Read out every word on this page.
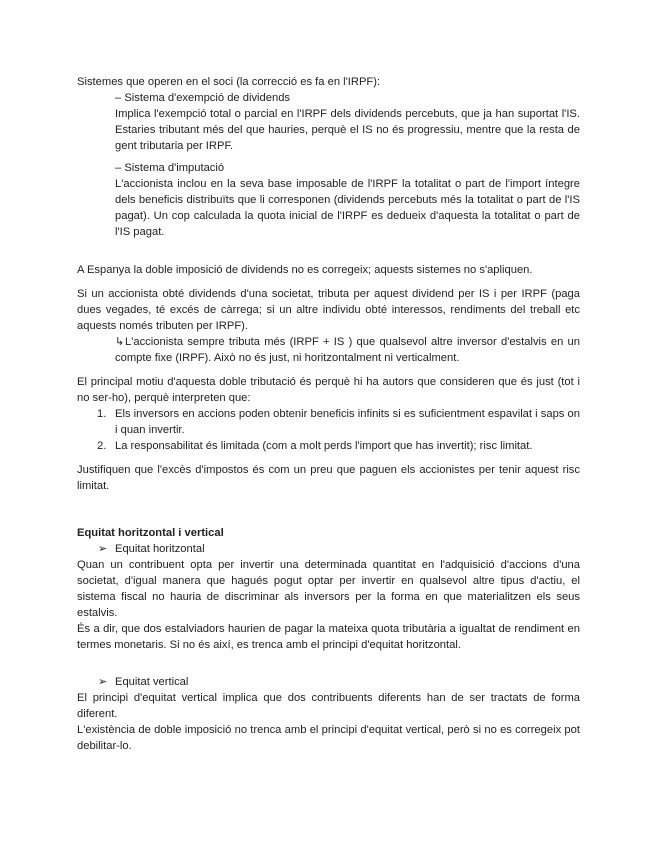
Sistemes que operen en el soci (la correcció es fa en l'IRPF):

– Sistema d'exempció de dividends

Implica l'exempció total o parcial en l'IRPF dels dividends percebuts, que ja han suportat l'IS. Estaries tributant més del que hauries, perquè el IS no és progressiu, mentre que la resta de gent tributaria per IRPF.

– Sistema d'imputació

L'accionista inclou en la seva base imposable de l'IRPF la totalitat o part de l'import íntegre dels beneficis distribuïts que li corresponen (dividends percebuts més la totalitat o part de l'IS pagat). Un cop calculada la quota inicial de l'IRPF es dedueix d'aquesta la totalitat o part de l'IS pagat.

A Espanya la doble imposició de dividends no es corregeix; aquests sistemes no s'apliquen.

Si un accionista obté dividends d'una societat, tributa per aquest dividend per IS i per IRPF (paga dues vegades, té excés de càrrega; si un altre individu obté interessos, rendiments del treball etc aquests només tributen per IRPF).

↳L'accionista sempre tributa més (IRPF + IS ) que qualsevol altre inversor d'estalvis en un compte fixe (IRPF). Això no és just, ni horitzontalment ni verticalment.

El principal motiu d'aquesta doble tributació és perquè hi ha autors que consideren que és just (tot i no ser-ho), perquè interpreten que:

1. Els inversors en accions poden obtenir beneficis infinits si es suficientment espavilat i saps on i quan invertir.
2. La responsabilitat és limitada (com a molt perds l'import que has invertit); risc limitat.

Justifiquen que l'excès d'impostos és com un preu que paguen els accionistes per tenir aquest risc limitat.

Equitat horitzontal i vertical

➢ Equitat horitzontal

Quan un contribuent opta per invertir una determinada quantitat en l'adquisició d'accions d'una societat, d'igual manera que hagués pogut optar per invertir en qualsevol altre tipus d'actiu, el sistema fiscal no hauria de discriminar als inversors per la forma en que materialitzen els seus estalvis.

És a dir, que dos estalviadors haurien de pagar la mateixa quota tributària a igualtat de rendiment en termes monetaris. Si no és així, es trenca amb el principi d'equitat horitzontal.

➢ Equitat vertical

El principi d'equitat vertical implica que dos contribuents diferents han de ser tractats de forma diferent.

L'existència de doble imposició no trenca amb el principi d'equitat vertical, però si no es corregeix pot debilitar-lo.
